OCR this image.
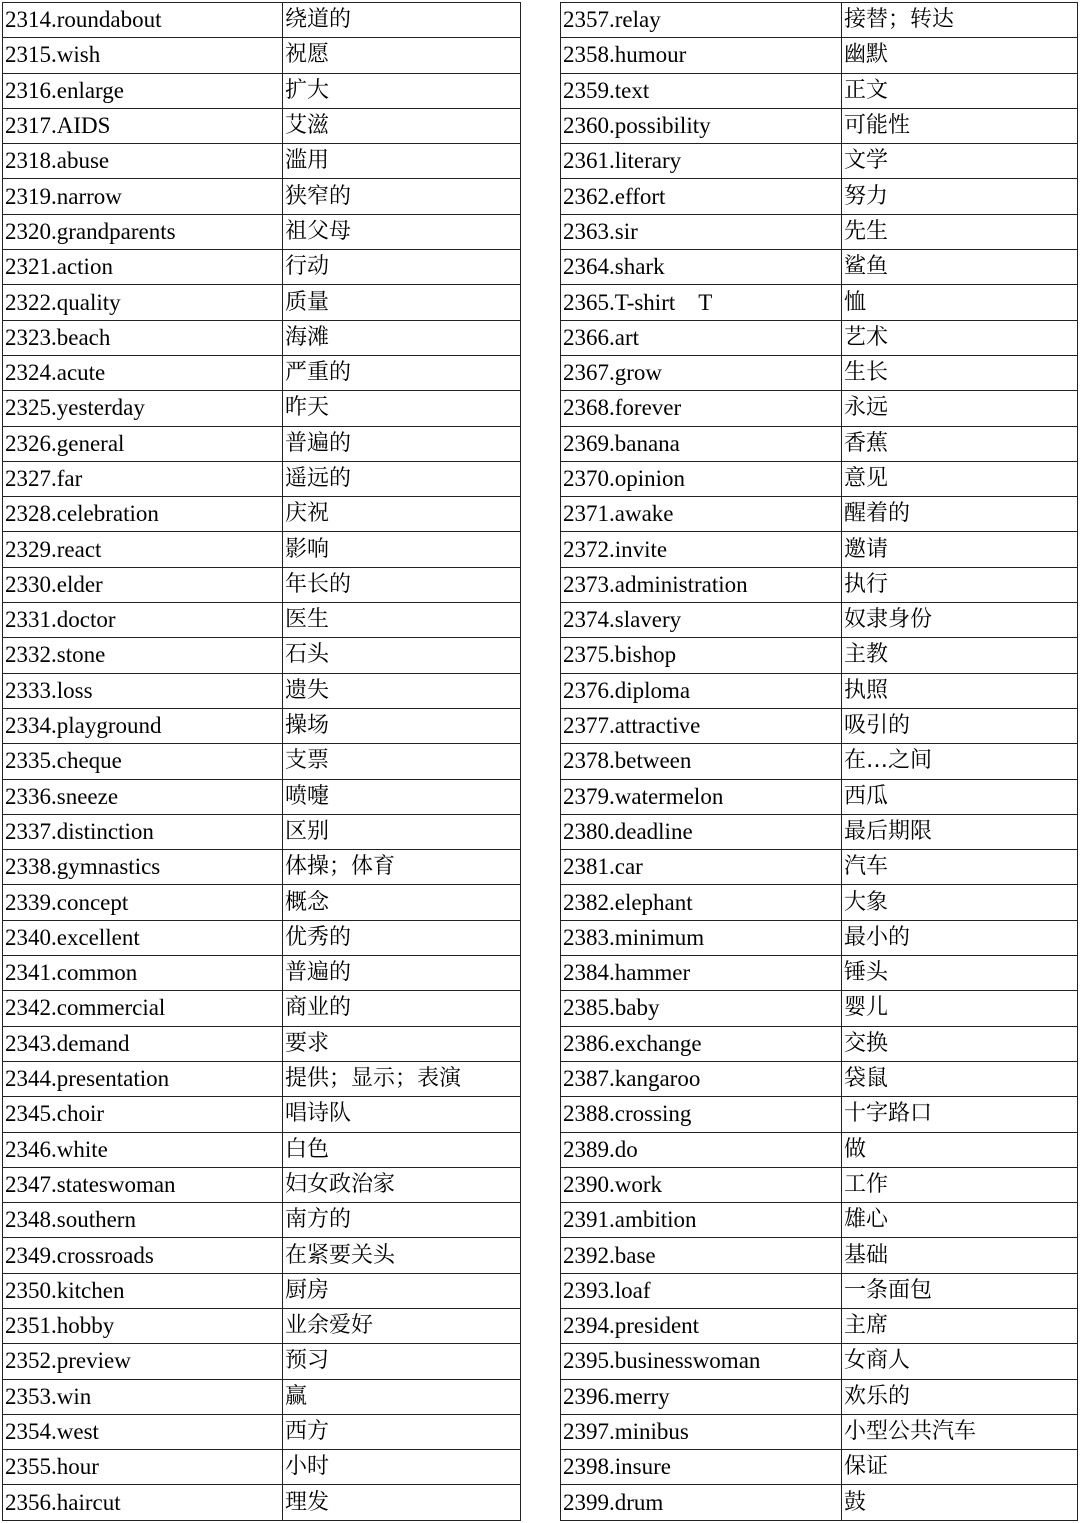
2314.roundabout	绕道的
2315.wish	祝愿
2316.enlarge	扩大
2317.AIDS	艾滋
2318.abuse	滥用
2319.narrow	狭窄的
2320.grandparents	祖父母
2321.action	行动
2322.quality	质量
2323.beach	海滩
2324.acute	严重的
2325.yesterday	昨天
2326.general	普遍的
2327.far	遥远的
2328.celebration	庆祝
2329.react	影响
2330.elder	年长的
2331.doctor	医生
2332.stone	石头
2333.loss	遗失
2334.playground	操场
2335.cheque	支票
2336.sneeze	喷嚏
2337.distinction	区别
2338.gymnastics	体操；体育
2339.concept	概念
2340.excellent	优秀的
2341.common	普遍的
2342.commercial	商业的
2343.demand	要求
2344.presentation	提供；显示；表演
2345.choir	唱诗队
2346.white	白色
2347.stateswoman	妇女政治家
2348.southern	南方的
2349.crossroads	在紧要关头
2350.kitchen	厨房
2351.hobby	业余爱好
2352.preview	预习
2353.win	赢
2354.west	西方
2355.hour	小时
2356.haircut	理发
2357.relay	接替；转达
2358.humour	幽默
2359.text	正文
2360.possibility	可能性
2361.literary	文学
2362.effort	努力
2363.sir	先生
2364.shark	鲨鱼
2365.T-shirt　T	恤
2366.art	艺术
2367.grow	生长
2368.forever	永远
2369.banana	香蕉
2370.opinion	意见
2371.awake	醒着的
2372.invite	邀请
2373.administration	执行
2374.slavery	奴隶身份
2375.bishop	主教
2376.diploma	执照
2377.attractive	吸引的
2378.between	在…之间
2379.watermelon	西瓜
2380.deadline	最后期限
2381.car	汽车
2382.elephant	大象
2383.minimum	最小的
2384.hammer	锤头
2385.baby	婴儿
2386.exchange	交换
2387.kangaroo	袋鼠
2388.crossing	十字路口
2389.do	做
2390.work	工作
2391.ambition	雄心
2392.base	基础
2393.loaf	一条面包
2394.president	主席
2395.businesswoman	女商人
2396.merry	欢乐的
2397.minibus	小型公共汽车
2398.insure	保证
2399.drum	鼓
